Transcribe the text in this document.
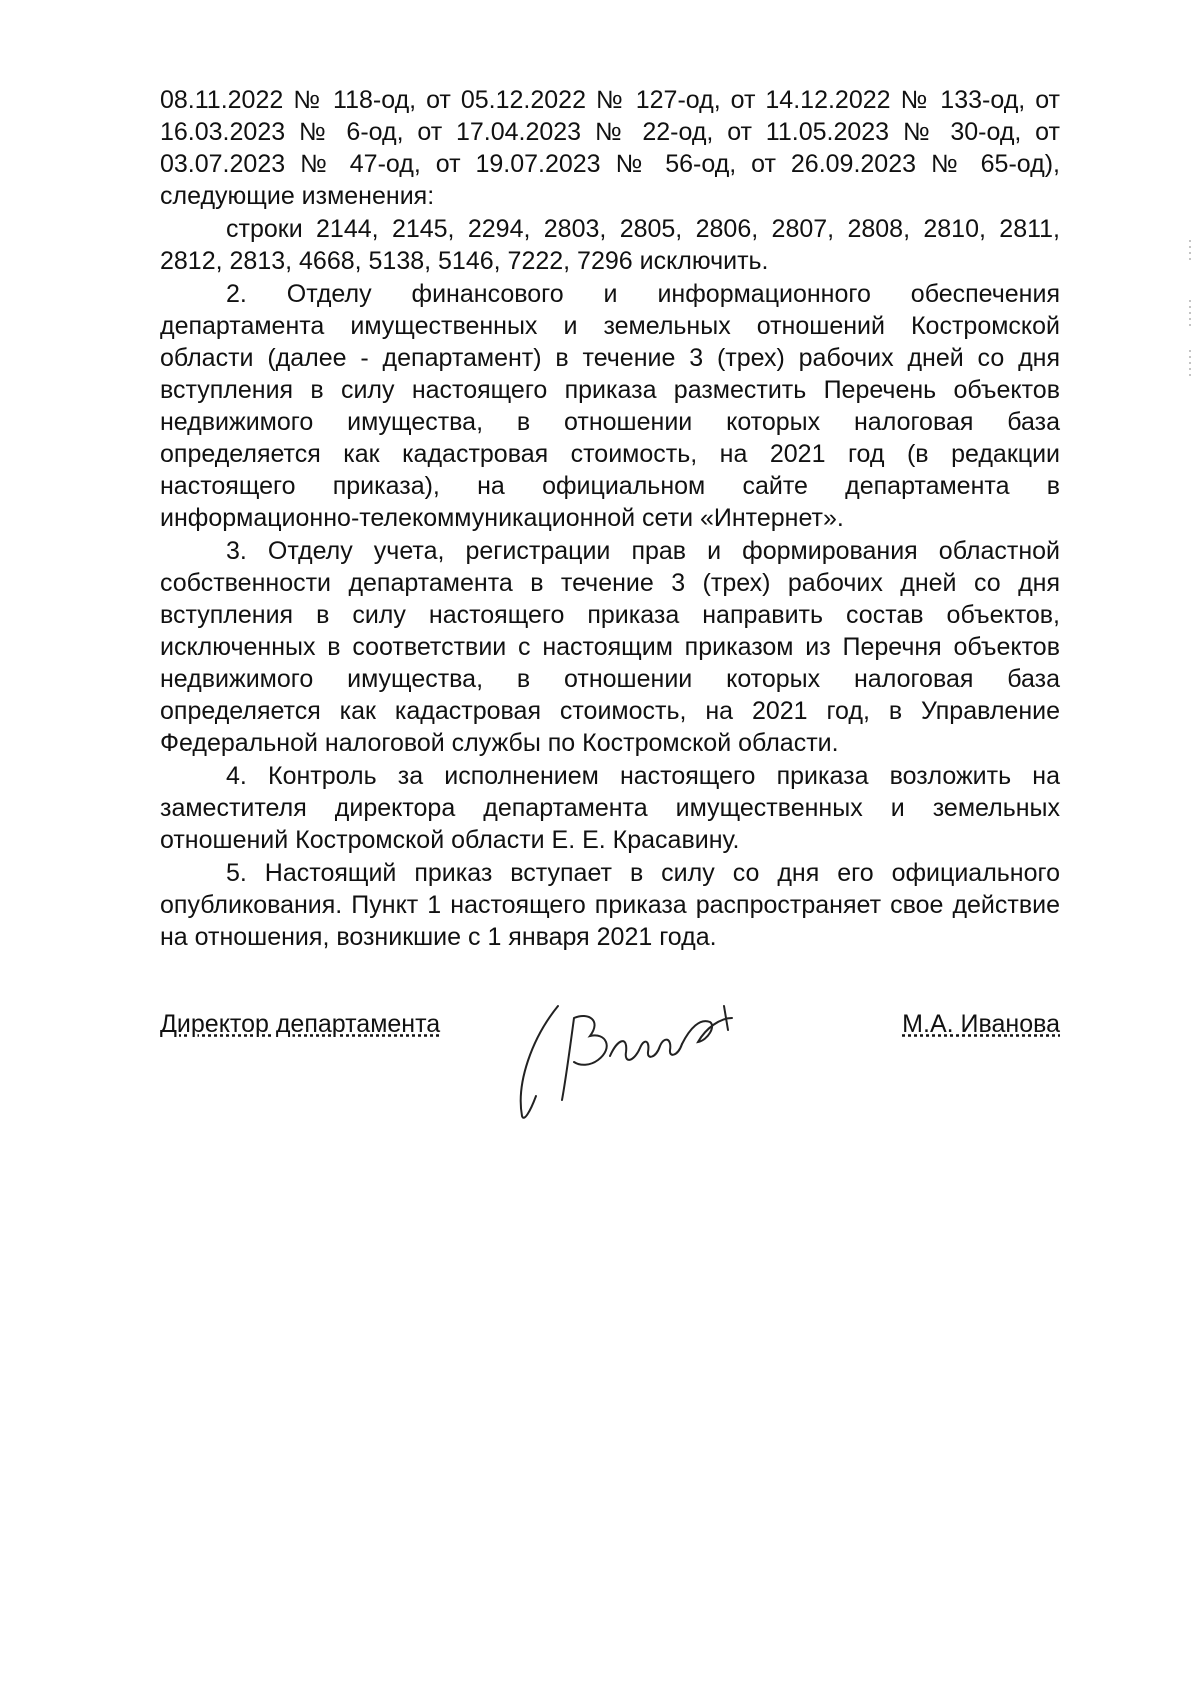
08.11.2022 № 118-од, от 05.12.2022 № 127-од, от 14.12.2022 № 133-од, от 16.03.2023 № 6-од, от 17.04.2023 № 22-од, от 11.05.2023 № 30-од, от 03.07.2023 № 47-од, от 19.07.2023 № 56-од, от 26.09.2023 № 65-од), следующие изменения:

строки 2144, 2145, 2294, 2803, 2805, 2806, 2807, 2808, 2810, 2811, 2812, 2813, 4668, 5138, 5146, 7222, 7296 исключить.

2. Отделу финансового и информационного обеспечения департамента имущественных и земельных отношений Костромской области (далее - департамент) в течение 3 (трех) рабочих дней со дня вступления в силу настоящего приказа разместить Перечень объектов недвижимого имущества, в отношении которых налоговая база определяется как кадастровая стоимость, на 2021 год (в редакции настоящего приказа), на официальном сайте департамента в информационно-телекоммуникационной сети «Интернет».

3. Отделу учета, регистрации прав и формирования областной собственности департамента в течение 3 (трех) рабочих дней со дня вступления в силу настоящего приказа направить состав объектов, исключенных в соответствии с настоящим приказом из Перечня объектов недвижимого имущества, в отношении которых налоговая база определяется как кадастровая стоимость, на 2021 год, в Управление Федеральной налоговой службы по Костромской области.

4. Контроль за исполнением настоящего приказа возложить на заместителя директора департамента имущественных и земельных отношений Костромской области Е. Е. Красавину.

5. Настоящий приказ вступает в силу со дня его официального опубликования. Пункт 1 настоящего приказа распространяет свое действие на отношения, возникшие с 1 января 2021 года.

Директор департамента	М.А. Иванова
